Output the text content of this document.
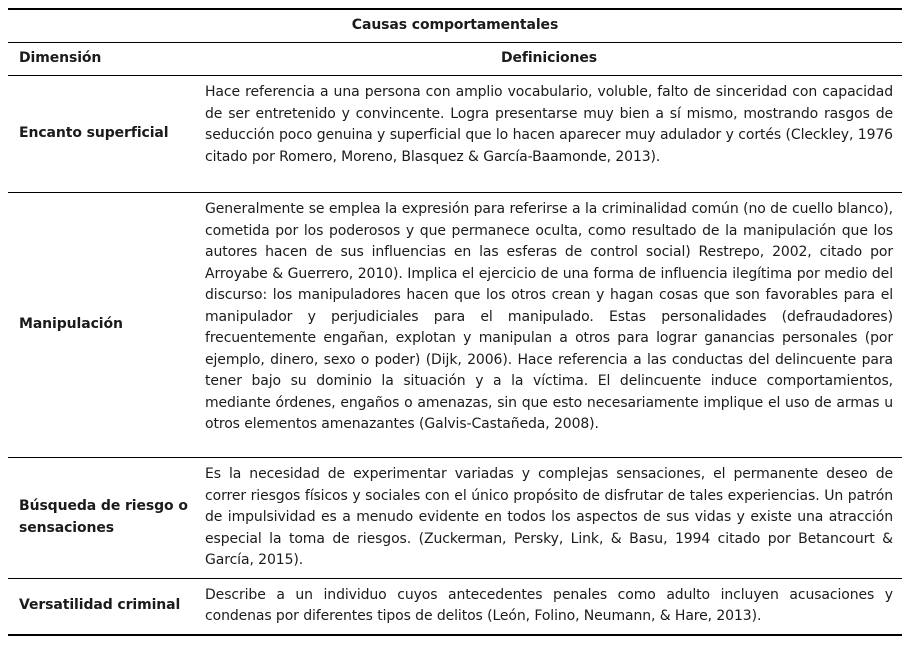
Causas comportamentales
Dimensión	Definiciones
Encanto superficial
Hace referencia a una persona con amplio vocabulario, voluble, falto de sinceridad con capacidad de ser entretenido y convincente. Logra presentarse muy bien a sí mismo, mostrando rasgos de seducción poco genuina y superficial que lo hacen aparecer muy adulador y cortés (Cleckley, 1976 citado por Romero, Moreno, Blasquez & García-Baamonde, 2013).
Manipulación
Generalmente se emplea la expresión para referirse a la criminalidad común (no de cuello blanco), cometida por los poderosos y que permanece oculta, como resultado de la manipulación que los autores hacen de sus influencias en las esferas de control social) Restrepo, 2002, citado por Arroyabe & Guerrero, 2010). Implica el ejercicio de una forma de influencia ilegítima por medio del discurso: los manipuladores hacen que los otros crean y hagan cosas que son favorables para el manipulador y perjudiciales para el manipulado. Estas personalidades (defraudadores) frecuentemente engañan, explotan y manipulan a otros para lograr ganancias personales (por ejemplo, dinero, sexo o poder) (Dijk, 2006). Hace referencia a las conductas del delincuente para tener bajo su dominio la situación y a la víctima. El delincuente induce comportamientos, mediante órdenes, engaños o amenazas, sin que esto necesariamente implique el uso de armas u otros elementos amenazantes (Galvis-Castañeda, 2008).
Búsqueda de riesgo o sensaciones
Es la necesidad de experimentar variadas y complejas sensaciones, el permanente deseo de correr riesgos físicos y sociales con el único propósito de disfrutar de tales experiencias. Un patrón de impulsividad es a menudo evidente en todos los aspectos de sus vidas y existe una atracción especial la toma de riesgos. (Zuckerman, Persky, Link, & Basu, 1994 citado por Betancourt & García, 2015).
Versatilidad criminal
Describe a un individuo cuyos antecedentes penales como adulto incluyen acusaciones y condenas por diferentes tipos de delitos (León, Folino, Neumann, & Hare, 2013).
